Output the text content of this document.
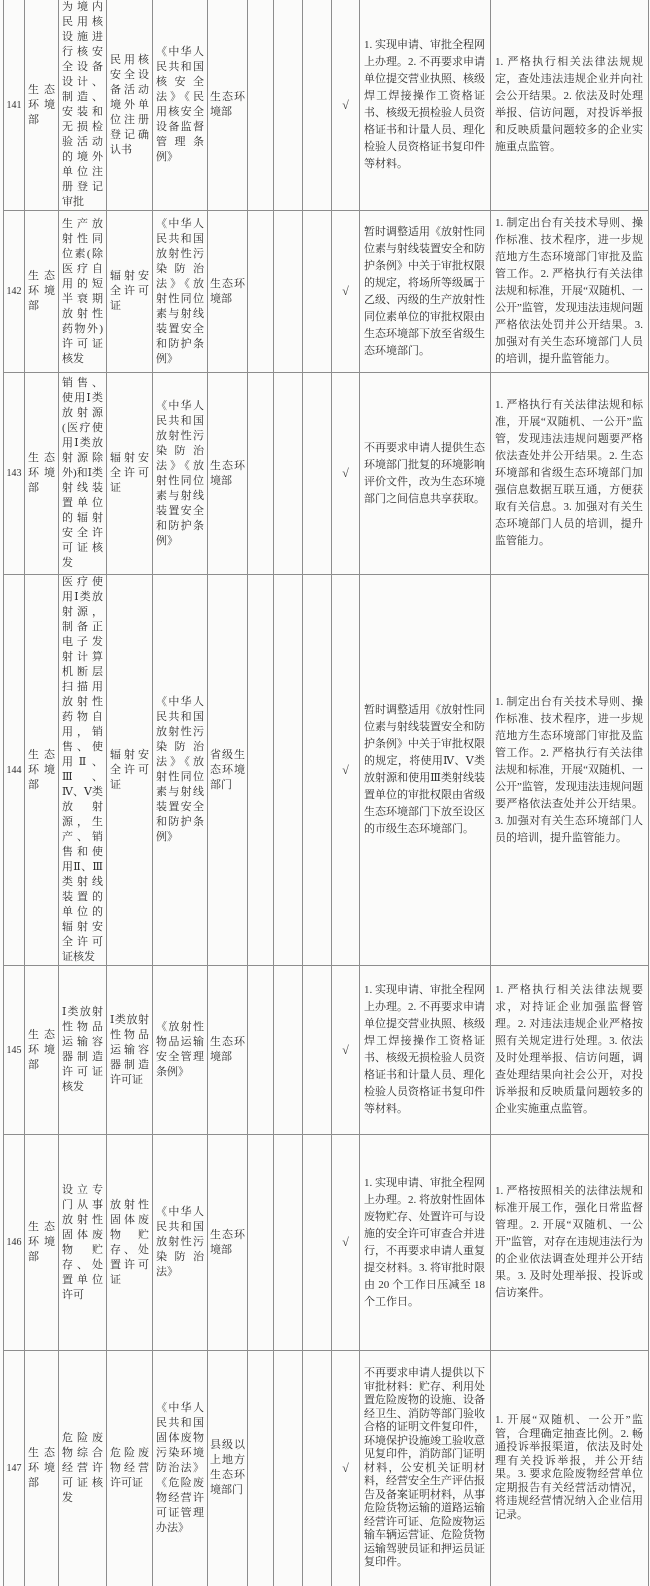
141	生态环境部	为境内民用核设施进行核安全设备设计、制造、安装和无损检验活动的境外单位注册登记审批	民用核安全设备活动境外单位注册登记确认书	《中华人民共和国核安全法》《民用核安全设备监督管理条例》	生态环境部				√	1. 实现申请、审批全程网上办理。2. 不再要求申请单位提交营业执照、核级焊工焊接操作工资格证书、核级无损检验人员资格证书和计量人员、理化检验人员资格证书复印件等材料。	1. 严格执行相关法律法规规定，查处违法违规企业并向社会公开结果。2. 依法及时处理举报、信访问题，对投诉举报和反映质量问题较多的企业实施重点监管。
142	生态环境部	生产放射性同位素(除医疗自用的短半衰期放射性药物外)许可证核发	辐射安全许可证	《中华人民共和国放射性污染防治法》《放射性同位素与射线装置安全和防护条例》	生态环境部				√	暂时调整适用《放射性同位素与射线装置安全和防护条例》中关于审批权限的规定，将场所等级属于乙级、丙级的生产放射性同位素单位的审批权限由生态环境部下放至省级生态环境部门。	1. 制定出台有关技术导则、操作标准、技术程序，进一步规范地方生态环境部门审批及监管工作。2. 严格执行有关法律法规和标准，开展“双随机、一公开”监管，发现违法违规问题严格依法处罚并公开结果。3. 加强对有关生态环境部门人员的培训，提升监管能力。
143	生态环境部	销售、使用Ⅰ类放射源(医疗使用Ⅰ类放射源除外)和Ⅰ类射线装置单位的辐射安全许可证核发	辐射安全许可证	《中华人民共和国放射性污染防治法》《放射性同位素与射线装置安全和防护条例》	生态环境部				√	不再要求申请人提供生态环境部门批复的环境影响评价文件，改为生态环境部门之间信息共享获取。	1. 严格执行有关法律法规和标准，开展“双随机、一公开”监管，发现违法违规问题要严格依法查处并公开结果。2. 生态环境部和省级生态环境部门加强信息数据互联互通，方便获取有关信息。3. 加强对有关生态环境部门人员的培训，提升监管能力。
144	生态环境部	医疗使用Ⅰ类放射源，制备正电子发射计算机断层扫描用放射性药物自用，销售、使用Ⅱ、Ⅲ、Ⅳ、Ⅴ类放射源，生产、销售和使用Ⅱ、Ⅲ类射线装置的单位的辐射安全许可证核发	辐射安全许可证	《中华人民共和国放射性污染防治法》《放射性同位素与射线装置安全和防护条例》	省级生态环境部门				√	暂时调整适用《放射性同位素与射线装置安全和防护条例》中关于审批权限的规定，将使用Ⅳ、Ⅴ类放射源和使用Ⅲ类射线装置单位的审批权限由省级生态环境部门下放至设区的市级生态环境部门。	1. 制定出台有关技术导则、操作标准、技术程序，进一步规范地方生态环境部门审批及监管工作。2. 严格执行有关法律法规和标准，开展“双随机、一公开”监管，发现违法违规问题要严格依法查处并公开结果。3. 加强对有关生态环境部门人员的培训，提升监管能力。
145	生态环境部	Ⅰ类放射性物品运输容器制造许可证核发	Ⅰ类放射性物品运输容器制造许可证	《放射性物品运输安全管理条例》	生态环境部				√	1. 实现申请、审批全程网上办理。2. 不再要求申请单位提交营业执照、核级焊工焊接操作工资格证书、核级无损检验人员资格证书和计量人员、理化检验人员资格证书复印件等材料。	1. 严格执行相关法律法规要求，对持证企业加强监督管理。2. 对违法违规企业严格按照有关规定进行处理。3. 依法及时处理举报、信访问题，调查处理结果向社会公开，对投诉举报和反映质量问题较多的企业实施重点监管。
146	生态环境部	设立专门从事放射性固体废物贮存、处置单位许可	放射性固体废物贮存、处置许可证	《中华人民共和国放射性污染防治法》	生态环境部				√	1. 实现申请、审批全程网上办理。2. 将放射性固体废物贮存、处置许可与设施的安全许可审查合并进行，不再要求申请人重复提交材料。3. 将审批时限由 20 个工作日压减至 18 个工作日。	1. 严格按照相关的法律法规和标准开展工作，强化日常监督管理。2. 开展“双随机、一公开”监管，对存在违规违法行为的企业依法调查处理并公开结果。3. 及时处理举报、投诉或信访案件。
147	生态环境部	危险废物综合经营许可证核发	危险废物经营许可证	《中华人民共和国固体废物污染环境防治法》《危险废物经营许可证管理办法》	县级以上地方生态环境部门				√	不再要求申请人提供以下审批材料：贮存、利用处置危险废物的设施、设备经卫生、消防等部门验收合格的证明文件复印件，环境保护设施竣工验收意见复印件，消防部门证明材料，公安机关证明材料，经营安全生产评估报告及备案证明材料，从事危险货物运输的道路运输经营许可证、危险废物运输车辆运营证、危险货物运输驾驶员证和押运员证复印件。	1. 开展“双随机、一公开”监管，合理确定抽查比例。2. 畅通投诉举报渠道，依法及时处理有关投诉举报，并公开结果。3. 要求危险废物经营单位定期报告有关经营活动情况，将违规经营情况纳入企业信用记录。
